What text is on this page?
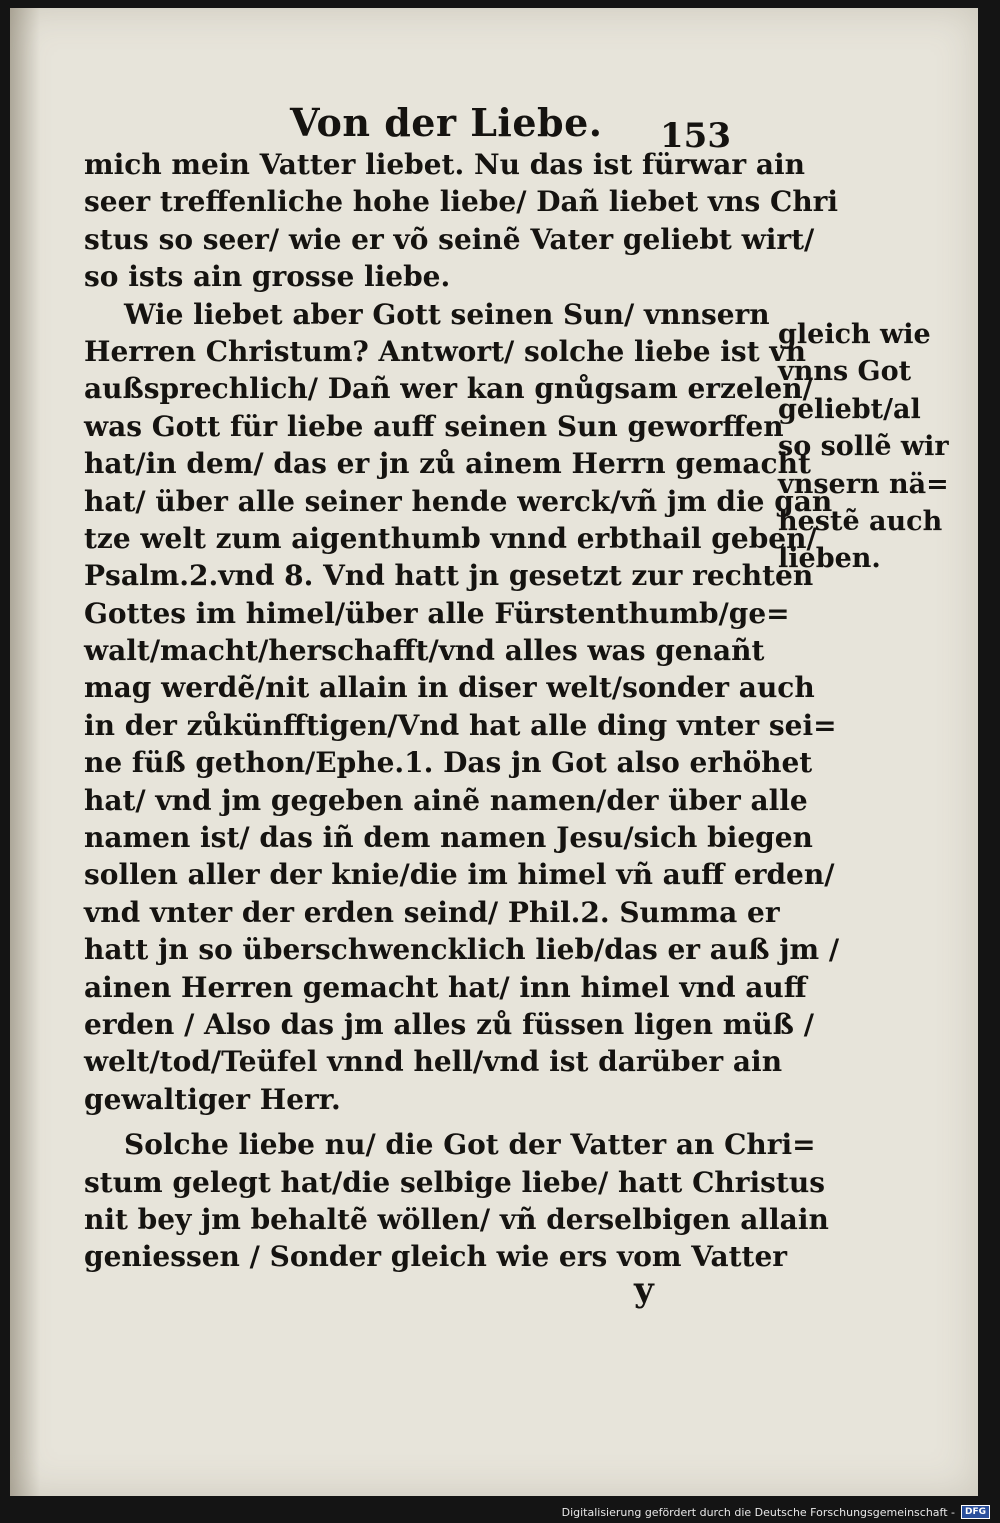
Von der Liebe. 153
mich mein Vatter liebet. Nu das ist fürwar ain
seer treffenliche hohe liebe/ Dañ liebet vns Chri
stus so seer/ wie er võ seinẽ Vater geliebt wirt/
so ists ain grosse liebe.
Wie liebet aber Gott seinen Sun/ vnnsern
Herren Christum? Antwort/ solche liebe ist vn
außsprechlich/ Dañ wer kan gnůgsam erzelen/
was Gott für liebe auff seinen Sun geworffen
hat/in dem/ das er jn zů ainem Herrn gemacht
hat/ über alle seiner hende werck/vñ jm die gan
tze welt zum aigenthumb vnnd erbthail geben/
Psalm.2.vnd 8. Vnd hatt jn gesetzt zur rechten
Gottes im himel/über alle Fürstenthumb/ge=
walt/macht/herschafft/vnd alles was genañt
mag werdẽ/nit allain in diser welt/sonder auch
in der zůkünfftigen/Vnd hat alle ding vnter sei=
ne füß gethon/Ephe.1. Das jn Got also erhöhet
hat/ vnd jm gegeben ainẽ namen/der über alle
namen ist/ das iñ dem namen Jesu/sich biegen
sollen aller der knie/die im himel vñ auff erden/
vnd vnter der erden seind/ Phil.2. Summa er
hatt jn so überschwencklich lieb/das er auß jm /
ainen Herren gemacht hat/ inn himel vnd auff
erden / Also das jm alles zů füssen ligen müß /
welt/tod/Teüfel vnnd hell/vnd ist darüber ain
gewaltiger Herr.
Solche liebe nu/ die Got der Vatter an Chri=
stum gelegt hat/die selbige liebe/ hatt Christus
nit bey jm behaltẽ wöllen/ vñ derselbigen allain
geniessen / Sonder gleich wie ers vom Vatter
gleich wie
vnns Got
geliebt/al
so sollẽ wir
vnsern nä=
hestẽ auch
lieben.
y
Digitalisierung gefördert durch die Deutsche Forschungsgemeinschaft -	DFG
